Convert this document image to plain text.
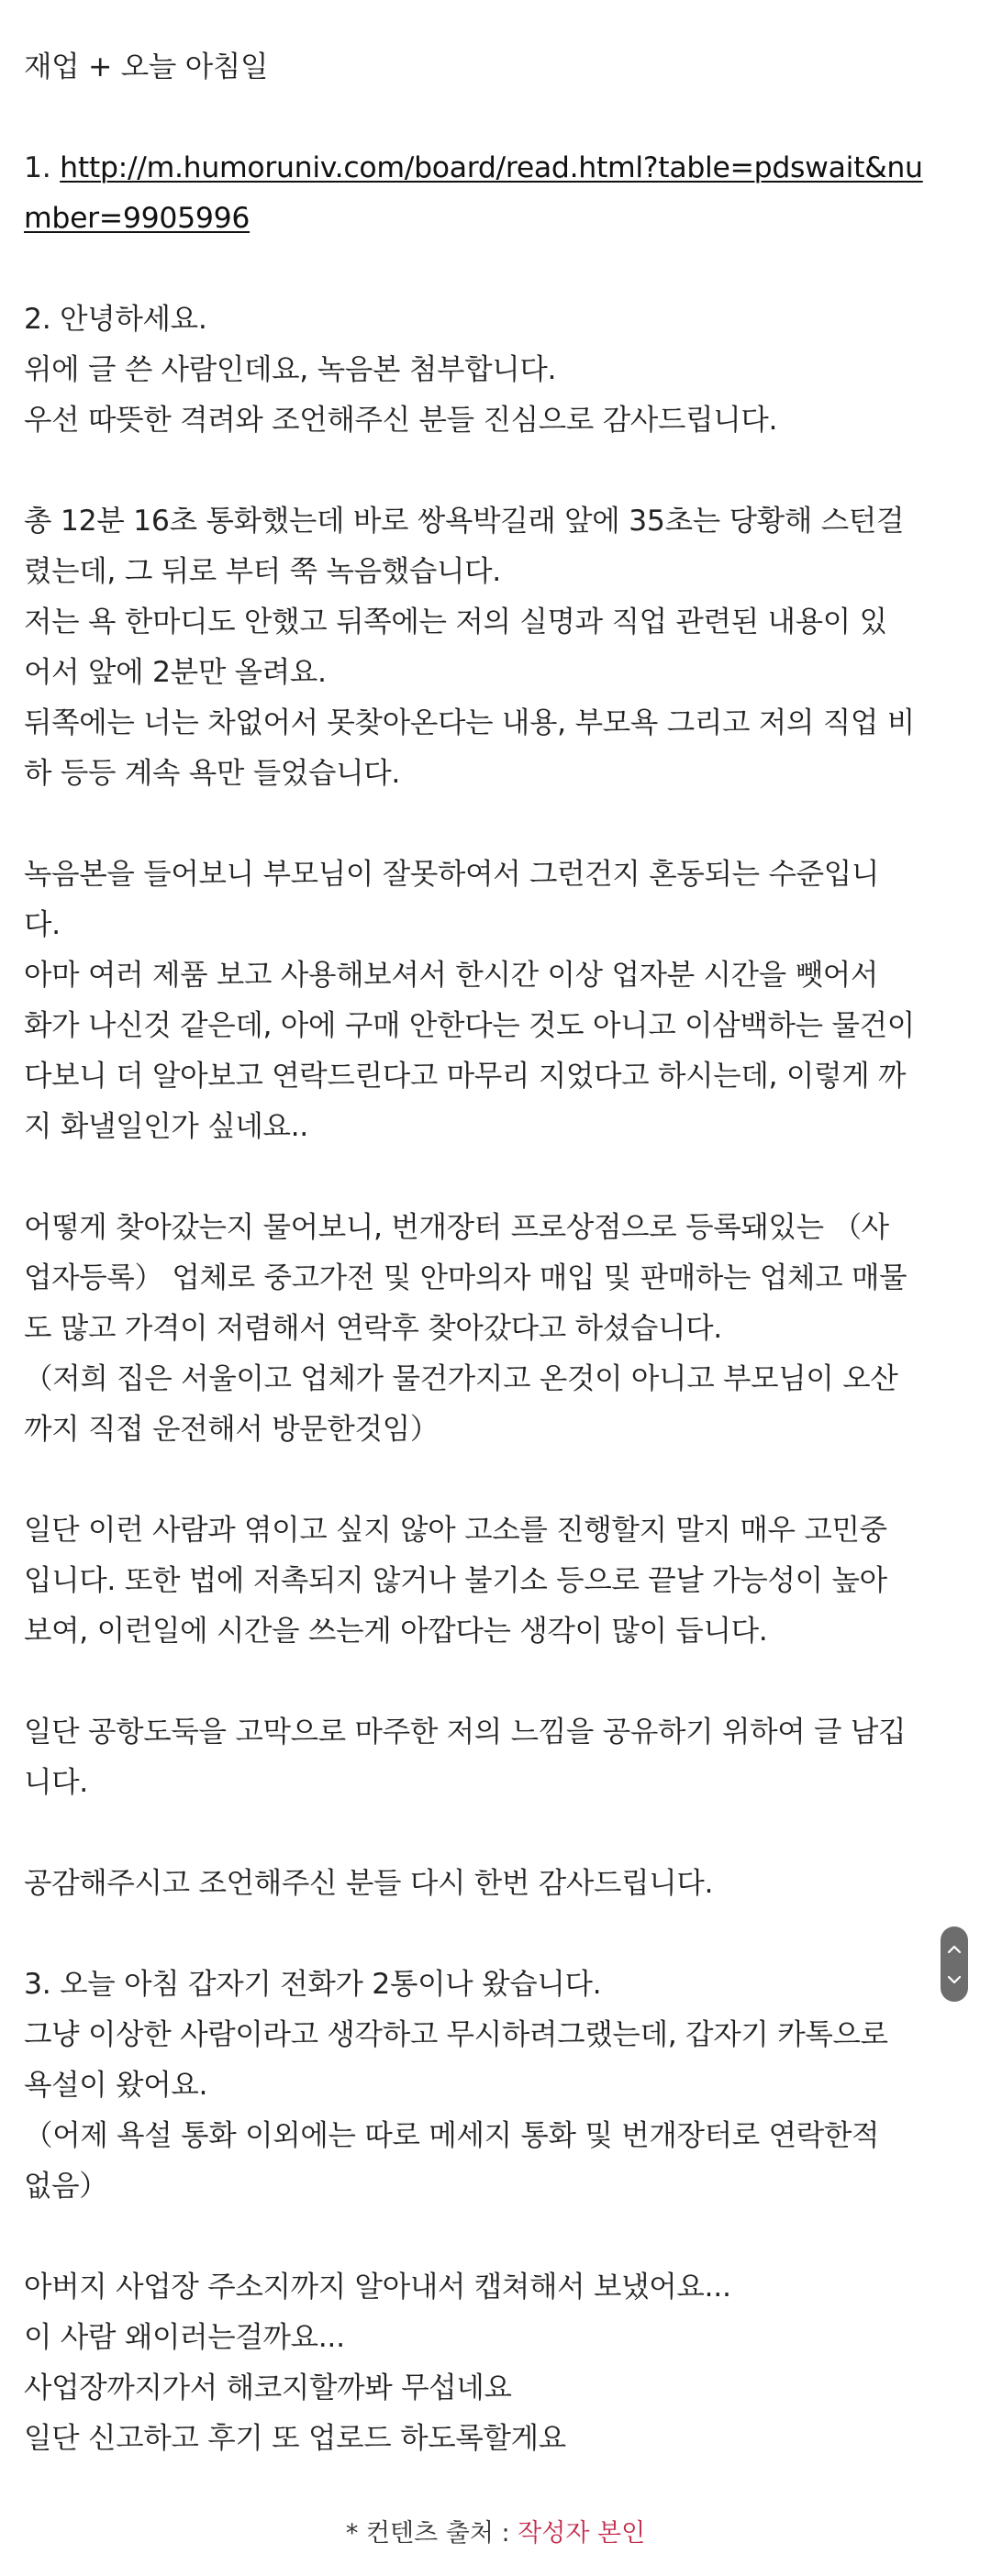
재업 + 오늘 아침일
1. http://m.humoruniv.com/board/read.html?table=pdswait&nu
mber=9905996
2. 안녕하세요.
위에 글 쓴 사람인데요, 녹음본 첨부합니다.
우선 따뜻한 격려와 조언해주신 분들 진심으로 감사드립니다.
총 12분 16초 통화했는데 바로 쌍욕박길래 앞에 35초는 당황해 스턴걸
렸는데, 그 뒤로 부터 쭉 녹음했습니다.
저는 욕 한마디도 안했고 뒤쪽에는 저의 실명과 직업 관련된 내용이 있
어서 앞에 2분만 올려요.
뒤쪽에는 너는 차없어서 못찾아온다는 내용, 부모욕 그리고 저의 직업 비
하 등등 계속 욕만 들었습니다.
녹음본을 들어보니 부모님이 잘못하여서 그런건지 혼동되는 수준입니
다.
아마 여러 제품 보고 사용해보셔서 한시간 이상 업자분 시간을 뺏어서
화가 나신것 같은데, 아에 구매 안한다는 것도 아니고 이삼백하는 물건이
다보니 더 알아보고 연락드린다고 마무리 지었다고 하시는데, 이렇게 까
지 화낼일인가 싶네요..
어떻게 찾아갔는지 물어보니, 번개장터 프로상점으로 등록돼있는 （사
업자등록） 업체로 중고가전 및 안마의자 매입 및 판매하는 업체고 매물
도 많고 가격이 저렴해서 연락후 찾아갔다고 하셨습니다.
（저희 집은 서울이고 업체가 물건가지고 온것이 아니고 부모님이 오산
까지 직접 운전해서 방문한것임）
일단 이런 사람과 엮이고 싶지 않아 고소를 진행할지 말지 매우 고민중
입니다. 또한 법에 저촉되지 않거나 불기소 등으로 끝날 가능성이 높아
보여, 이런일에 시간을 쓰는게 아깝다는 생각이 많이 듭니다.
일단 공항도둑을 고막으로 마주한 저의 느낌을 공유하기 위하여 글 남깁
니다.
공감해주시고 조언해주신 분들 다시 한번 감사드립니다.
3. 오늘 아침 갑자기 전화가 2통이나 왔습니다.
그냥 이상한 사람이라고 생각하고 무시하려그랬는데, 갑자기 카톡으로
욕설이 왔어요.
（어제 욕설 통화 이외에는 따로 메세지 통화 및 번개장터로 연락한적
없음）
아버지 사업장 주소지까지 알아내서 캡쳐해서 보냈어요...
이 사람 왜이러는걸까요...
사업장까지가서 해코지할까봐 무섭네요
일단 신고하고 후기 또 업로드 하도록할게요
* 컨텐츠 출처 : 작성자 본인
